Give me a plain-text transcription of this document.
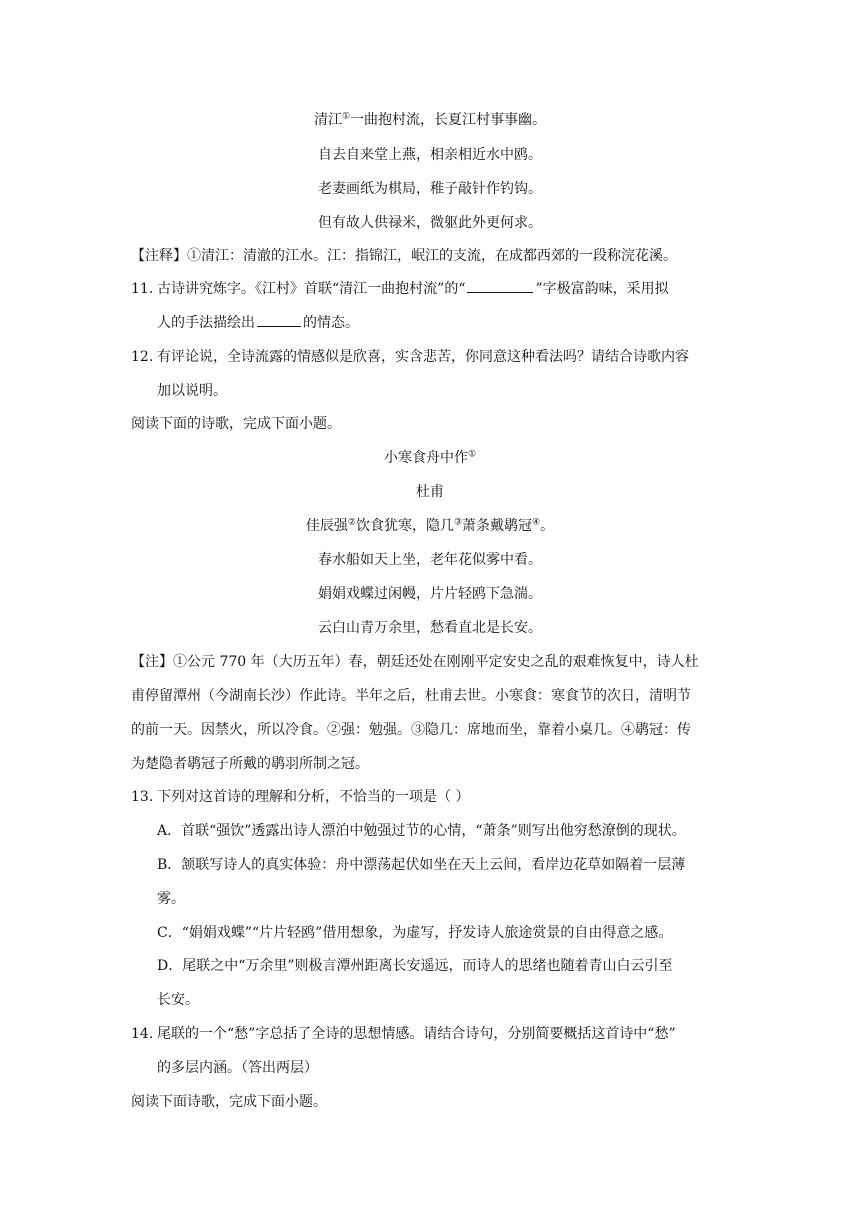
清江①一曲抱村流，长夏江村事事幽。
自去自来堂上燕，相亲相近水中鸥。
老妻画纸为棋局，稚子敲针作钓钩。
但有故人供禄米，微躯此外更何求。
【注释】①清江：清澈的江水。江：指锦江，岷江的支流，在成都西郊的一段称浣花溪。
11. 古诗讲究炼字。《江村》首联“清江一曲抱村流”的“	”字极富韵味，采用拟
人的手法描绘出	的情态。
12. 有评论说，全诗流露的情感似是欣喜，实含悲苦，你同意这种看法吗？请结合诗歌内容
加以说明。
阅读下面的诗歌，完成下面小题。
小寒食舟中作①
杜甫
佳辰强②饮食犹寒，隐几③萧条戴鹖冠④。
春水船如天上坐，老年花似雾中看。
娟娟戏蝶过闲幔，片片轻鸥下急湍。
云白山青万余里，愁看直北是长安。
【注】①公元 770 年（大历五年）春，朝廷还处在刚刚平定安史之乱的艰难恢复中，诗人杜
甫停留潭州（今湖南长沙）作此诗。半年之后，杜甫去世。小寒食：寒食节的次日，清明节
的前一天。因禁火，所以冷食。②强：勉强。③隐几：席地而坐，靠着小桌几。④鹖冠：传
为楚隐者鹖冠子所戴的鹖羽所制之冠。
13. 下列对这首诗的理解和分析，不恰当的一项是（ ）
A．首联“强饮”透露出诗人漂泊中勉强过节的心情，“萧条”则写出他穷愁潦倒的现状。
B．颔联写诗人的真实体验：舟中漂荡起伏如坐在天上云间，看岸边花草如隔着一层薄
雾。
C．“娟娟戏蝶”“片片轻鸥”借用想象，为虚写，抒发诗人旅途赏景的自由得意之感。
D．尾联之中“万余里”则极言潭州距离长安遥远，而诗人的思绪也随着青山白云引至
长安。
14. 尾联的一个“愁”字总括了全诗的思想情感。请结合诗句，分别简要概括这首诗中“愁”
的多层内涵。（答出两层）
阅读下面诗歌，完成下面小题。
